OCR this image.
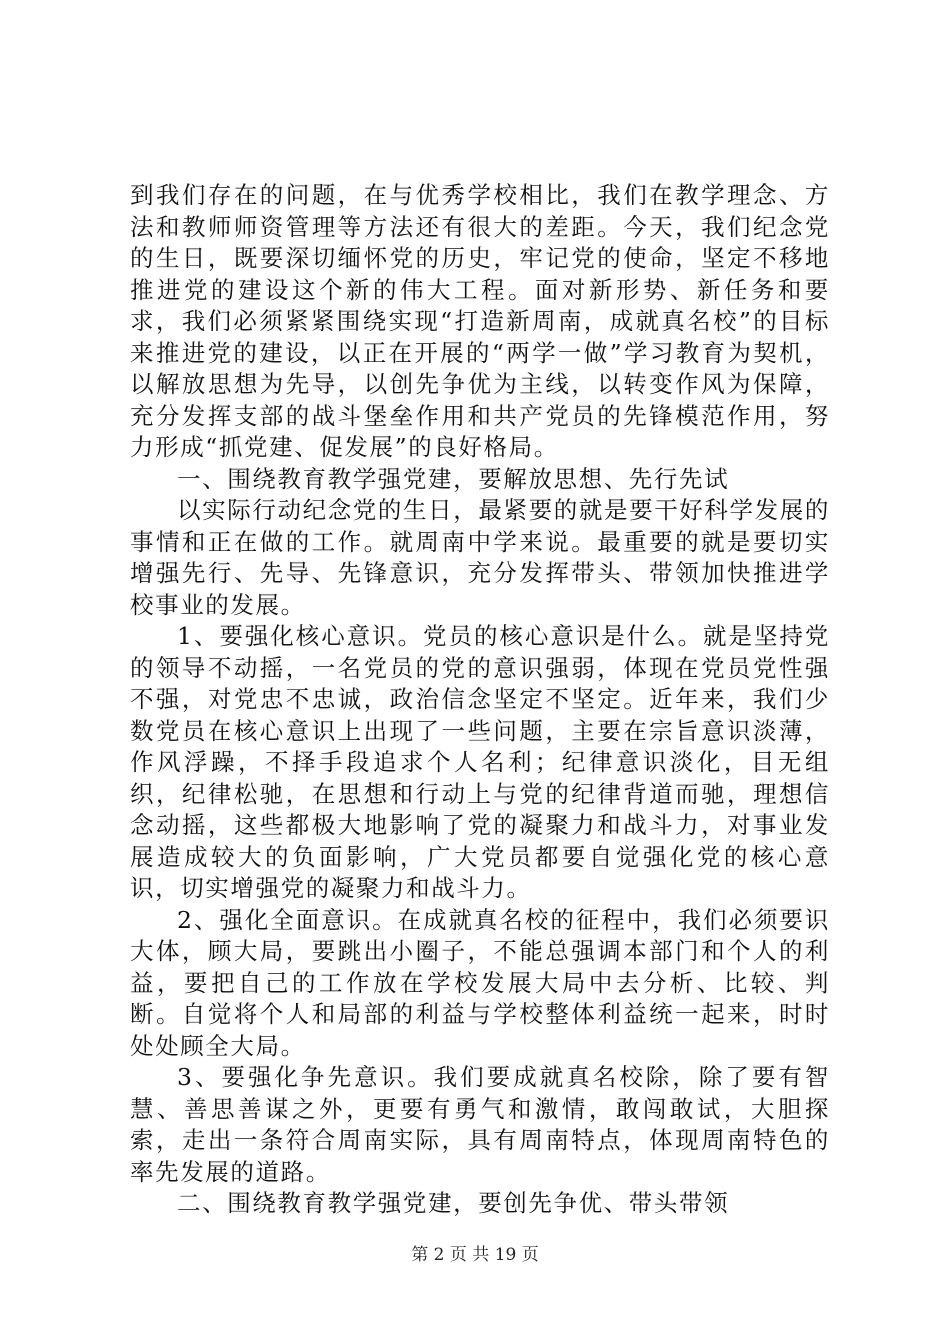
到我们存在的问题，在与优秀学校相比，我们在教学理念、方法和教师师资管理等方法还有很大的差距。今天，我们纪念党的生日，既要深切缅怀党的历史，牢记党的使命，坚定不移地推进党的建设这个新的伟大工程。面对新形势、新任务和要求，我们必须紧紧围绕实现“打造新周南，成就真名校”的目标来推进党的建设，以正在开展的“两学一做”学习教育为契机，以解放思想为先导，以创先争优为主线，以转变作风为保障，充分发挥支部的战斗堡垒作用和共产党员的先锋模范作用，努力形成“抓党建、促发展”的良好格局。

一、围绕教育教学强党建，要解放思想、先行先试

以实际行动纪念党的生日，最紧要的就是要干好科学发展的事情和正在做的工作。就周南中学来说。最重要的就是要切实增强先行、先导、先锋意识，充分发挥带头、带领加快推进学校事业的发展。

1、要强化核心意识。党员的核心意识是什么。就是坚持党的领导不动摇，一名党员的党的意识强弱，体现在党员党性强不强，对党忠不忠诚，政治信念坚定不坚定。近年来，我们少数党员在核心意识上出现了一些问题，主要在宗旨意识淡薄，作风浮躁，不择手段追求个人名利；纪律意识淡化，目无组织，纪律松驰，在思想和行动上与党的纪律背道而驰，理想信念动摇，这些都极大地影响了党的凝聚力和战斗力，对事业发展造成较大的负面影响，广大党员都要自觉强化党的核心意识，切实增强党的凝聚力和战斗力。

2、强化全面意识。在成就真名校的征程中，我们必须要识大体，顾大局，要跳出小圈子，不能总强调本部门和个人的利益，要把自己的工作放在学校发展大局中去分析、比较、判断。自觉将个人和局部的利益与学校整体利益统一起来，时时处处顾全大局。

3、要强化争先意识。我们要成就真名校除，除了要有智慧、善思善谋之外，更要有勇气和激情，敢闯敢试，大胆探索，走出一条符合周南实际，具有周南特点，体现周南特色的率先发展的道路。

二、围绕教育教学强党建，要创先争优、带头带领

第 2 页 共 19 页
